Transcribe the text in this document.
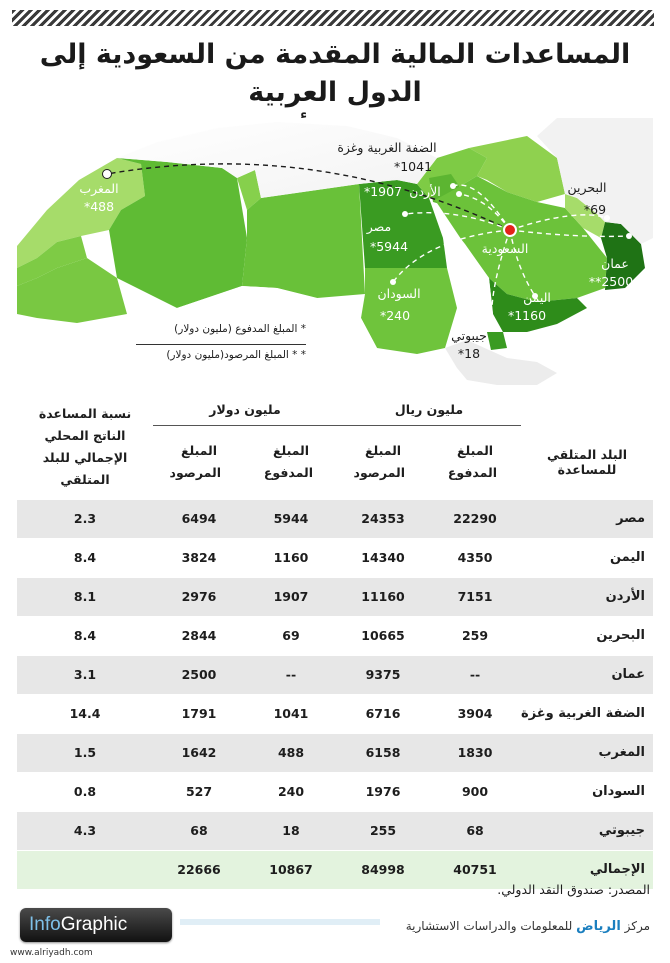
المساعدات المالية المقدمة من السعودية إلى الدول العربية
المغرب
488*
الضفة الغربية وغزة
1041*
الأردن
1907*
مصر
5944*	السعودية
البحرين
69*
عمان
2500**
اليمن
1160*
السودان
240*
جيبوتي
18*
* المبلغ المدفوع (مليون دولار)
* * المبلغ المرصود(مليون دولار)
البلد المتلقي للمساعدة	مليون ريال		مليون دولار		نسبة المساعدة الناتج المحلي الإجمالي للبلد المتلقي
	المبلغ المدفوع	المبلغ المرصود	المبلغ المدفوع	المبلغ المرصود	
مصر	22290	24353	5944	6494	2.3
اليمن	4350	14340	1160	3824	8.4
الأردن	7151	11160	1907	2976	8.1
البحرين	259	10665	69	2844	8.4
عمان	--	9375	--	2500	3.1
الضفة الغربية وغزة	3904	6716	1041	1791	14.4
المغرب	1830	6158	488	1642	1.5
السودان	900	1976	240	527	0.8
جيبوتي	68	255	18	68	4.3
الإجمالي	40751	84998	10867	22666	
المصدر: صندوق النقد الدولي.
InfoGraphic
www.alriyadh.com
مركز الرياض للمعلومات والدراسات الاستشارية
